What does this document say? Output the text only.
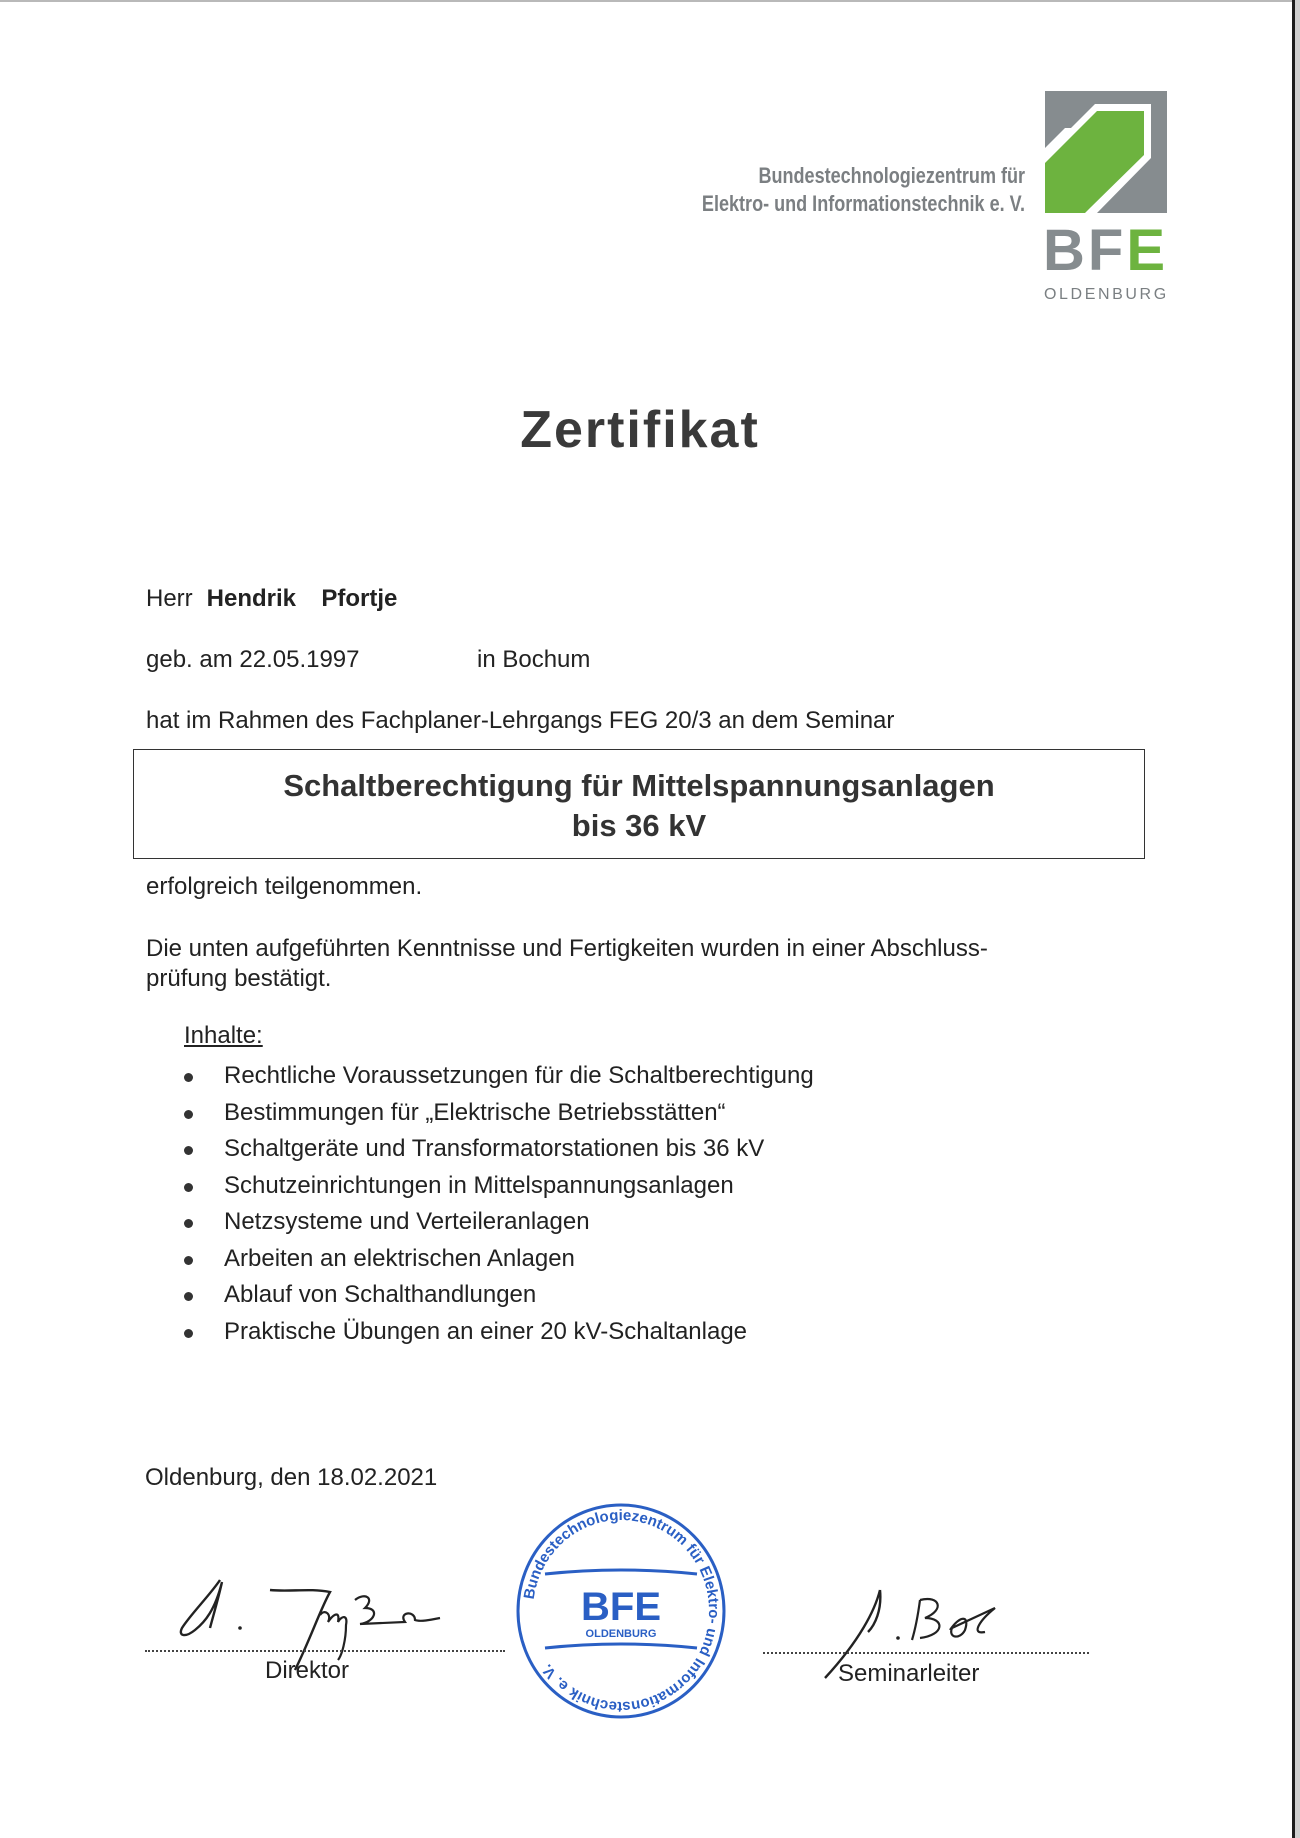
Bundestechnologiezentrum für
Elektro- und Informationstechnik e. V.
BFE
OLDENBURG
Zertifikat
Herr Hendrik  Pfortje
geb. am 22.05.1997	in Bochum
hat im Rahmen des Fachplaner-Lehrgangs FEG 20/3 an dem Seminar
Schaltberechtigung für Mittelspannungsanlagen
bis 36 kV
erfolgreich teilgenommen.
Die unten aufgeführten Kenntnisse und Fertigkeiten wurden in einer Abschluss-
prüfung bestätigt.
Inhalte:
Rechtliche Voraussetzungen für die Schaltberechtigung
Bestimmungen für „Elektrische Betriebsstätten“
Schaltgeräte und Transformatorstationen bis 36 kV
Schutzeinrichtungen in Mittelspannungsanlagen
Netzsysteme und Verteileranlagen
Arbeiten an elektrischen Anlagen
Ablauf von Schalthandlungen
Praktische Übungen an einer 20 kV-Schaltanlage
Oldenburg, den 18.02.2021
Direktor
Bundestechnologiezentrum für Elektro- und Informationstechnik e. V.
BFE
OLDENBURG
Seminarleiter
